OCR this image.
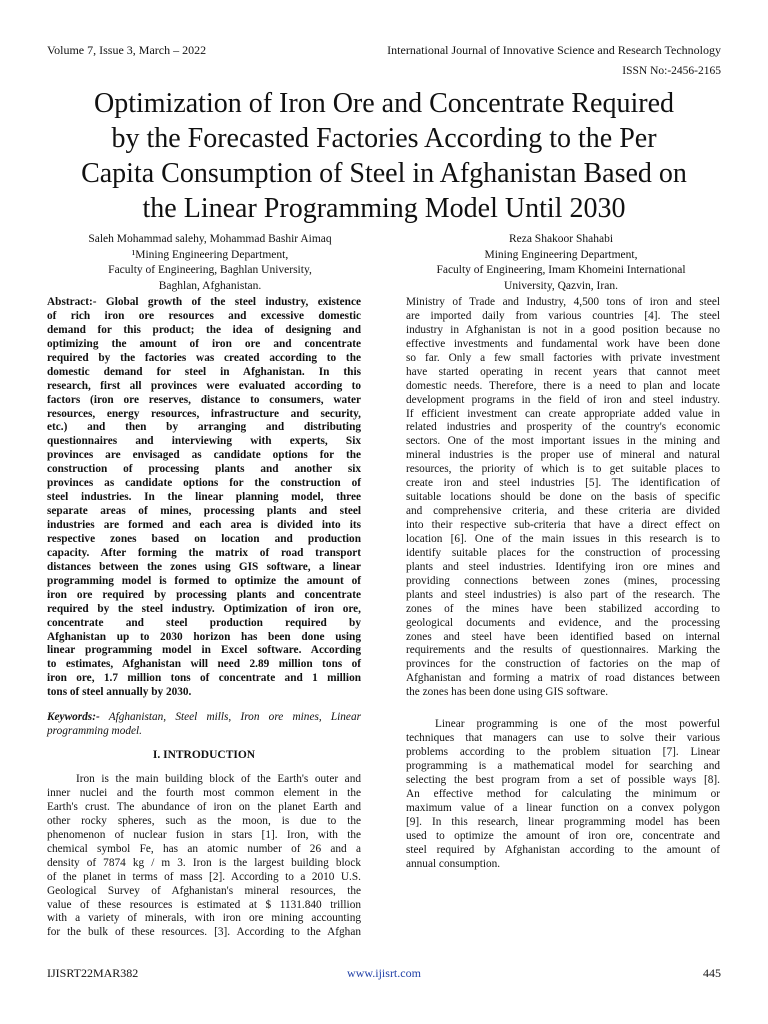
Volume 7, Issue 3, March – 2022	International Journal of Innovative Science and Research Technology
ISSN No:-2456-2165
Optimization of Iron Ore and Concentrate Required
by the Forecasted Factories According to the Per
Capita Consumption of Steel in Afghanistan Based on
the Linear Programming Model Until 2030
Saleh Mohammad salehy, Mohammad Bashir Aimaq
¹Mining Engineering Department,
Faculty of Engineering, Baghlan University,
Baghlan, Afghanistan.
Reza Shakoor Shahabi
Mining Engineering Department,
Faculty of Engineering, Imam Khomeini International
University, Qazvin, Iran.
Abstract:- Global growth of the steel industry, existence
of rich iron ore resources and excessive domestic
demand for this product; the idea of designing and
optimizing the amount of iron ore and concentrate
required by the factories was created according to the
domestic demand for steel in Afghanistan. In this
research, first all provinces were evaluated according to
factors (iron ore reserves, distance to consumers, water
resources, energy resources, infrastructure and security,
etc.) and then by arranging and distributing
questionnaires and interviewing with experts, Six
provinces are envisaged as candidate options for the
construction of processing plants and another six
provinces as candidate options for the construction of
steel industries. In the linear planning model, three
separate areas of mines, processing plants and steel
industries are formed and each area is divided into its
respective zones based on location and production
capacity. After forming the matrix of road transport
distances between the zones using GIS software, a linear
programming model is formed to optimize the amount of
iron ore required by processing plants and concentrate
required by the steel industry. Optimization of iron ore,
concentrate and steel production required by
Afghanistan up to 2030 horizon has been done using
linear programming model in Excel software. According
to estimates, Afghanistan will need 2.89 million tons of
iron ore, 1.7 million tons of concentrate and 1 million
tons of steel annually by 2030.
Keywords:- Afghanistan, Steel mills, Iron ore mines, Linear
programming model.
I. INTRODUCTION
Iron is the main building block of the Earth's outer and
inner nuclei and the fourth most common element in the
Earth's crust. The abundance of iron on the planet Earth and
other rocky spheres, such as the moon, is due to the
phenomenon of nuclear fusion in stars [1]. Iron, with the
chemical symbol Fe, has an atomic number of 26 and a
density of 7874 kg / m 3. Iron is the largest building block
of the planet in terms of mass [2]. According to a 2010 U.S.
Geological Survey of Afghanistan's mineral resources, the
value of these resources is estimated at $ 1131.840 trillion
with a variety of minerals, with iron ore mining accounting
for the bulk of these resources. [3]. According to the Afghan
Ministry of Trade and Industry, 4,500 tons of iron and steel
are imported daily from various countries [4]. The steel
industry in Afghanistan is not in a good position because no
effective investments and fundamental work have been done
so far. Only a few small factories with private investment
have started operating in recent years that cannot meet
domestic needs. Therefore, there is a need to plan and locate
development programs in the field of iron and steel industry.
If efficient investment can create appropriate added value in
related industries and prosperity of the country's economic
sectors. One of the most important issues in the mining and
mineral industries is the proper use of mineral and natural
resources, the priority of which is to get suitable places to
create iron and steel industries [5]. The identification of
suitable locations should be done on the basis of specific
and comprehensive criteria, and these criteria are divided
into their respective sub-criteria that have a direct effect on
location [6]. One of the main issues in this research is to
identify suitable places for the construction of processing
plants and steel industries. Identifying iron ore mines and
providing connections between zones (mines, processing
plants and steel industries) is also part of the research. The
zones of the mines have been stabilized according to
geological documents and evidence, and the processing
zones and steel have been identified based on internal
requirements and the results of questionnaires. Marking the
provinces for the construction of factories on the map of
Afghanistan and forming a matrix of road distances between
the zones has been done using GIS software.
Linear programming is one of the most powerful
techniques that managers can use to solve their various
problems according to the problem situation [7]. Linear
programming is a mathematical model for searching and
selecting the best program from a set of possible ways [8].
An effective method for calculating the minimum or
maximum value of a linear function on a convex polygon
[9]. In this research, linear programming model has been
used to optimize the amount of iron ore, concentrate and
steel required by Afghanistan according to the amount of
annual consumption.
IJISRT22MAR382	www.ijisrt.com	445
